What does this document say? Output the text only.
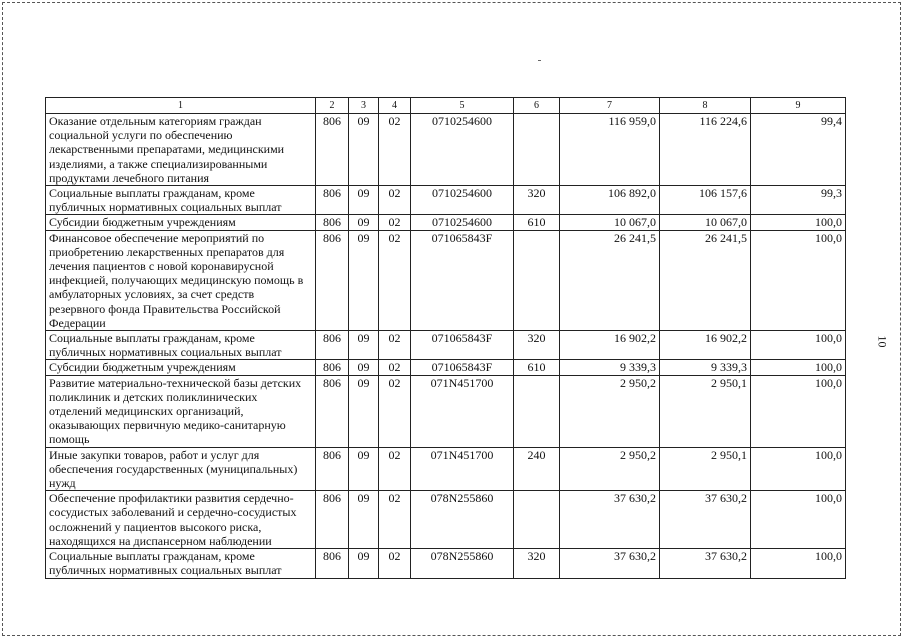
1	2	3	4	5	6	7	8	9
Оказание отдельным категориям граждан социальной услуги по обеспечению лекарственными препаратами, медицинскими изделиями, а также специализированными продуктами лечебного питания	806	09	02	0710254600		116 959,0	116 224,6	99,4
Социальные выплаты гражданам, кроме публичных нормативных социальных выплат	806	09	02	0710254600	320	106 892,0	106 157,6	99,3
Субсидии бюджетным учреждениям	806	09	02	0710254600	610	10 067,0	10 067,0	100,0
Финансовое обеспечение мероприятий по приобретению лекарственных препаратов для лечения пациентов с новой коронавирусной инфекцией, получающих медицинскую помощь в амбулаторных условиях, за счет средств резервного фонда Правительства Российской Федерации	806	09	02	071065843F		26 241,5	26 241,5	100,0
Социальные выплаты гражданам, кроме публичных нормативных социальных выплат	806	09	02	071065843F	320	16 902,2	16 902,2	100,0
Субсидии бюджетным учреждениям	806	09	02	071065843F	610	9 339,3	9 339,3	100,0
Развитие материально-технической базы детских поликлиник и детских поликлинических отделений медицинских организаций, оказывающих первичную медико-санитарную помощь	806	09	02	071N451700		2 950,2	2 950,1	100,0
Иные закупки товаров, работ и услуг для обеспечения государственных (муниципальных) нужд	806	09	02	071N451700	240	2 950,2	2 950,1	100,0
Обеспечение профилактики развития сердечно-сосудистых заболеваний и сердечно-сосудистых осложнений у пациентов высокого риска, находящихся на диспансерном наблюдении	806	09	02	078N255860		37 630,2	37 630,2	100,0
Социальные выплаты гражданам, кроме публичных нормативных социальных выплат	806	09	02	078N255860	320	37 630,2	37 630,2	100,0
10
